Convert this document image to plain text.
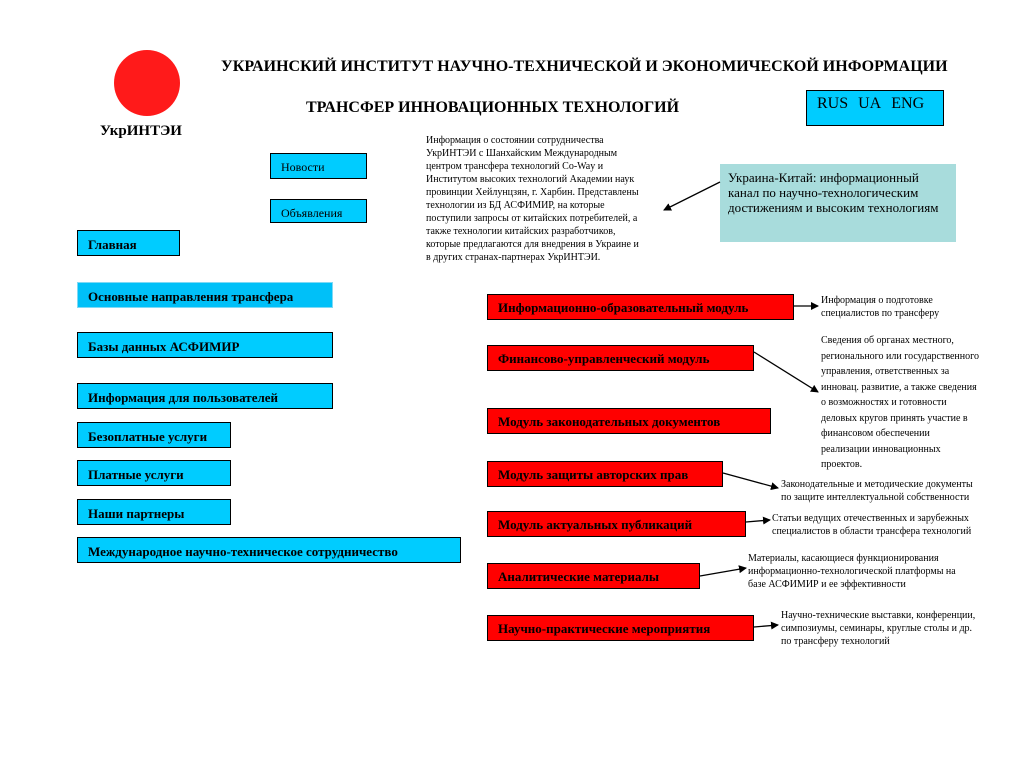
УкрИНТЭИ
УКРАИНСКИЙ ИНСТИТУТ НАУЧНО-ТЕХНИЧЕСКОЙ И ЭКОНОМИЧЕСКОЙ ИНФОРМАЦИИ
ТРАНСФЕР ИННОВАЦИОННЫХ ТЕХНОЛОГИЙ	RUS UA ENG
Новости
Объявления
Информация о состоянии сотрудничества
УкрИНТЭИ с Шанхайским Международным
центром трансфера технологий Co-Way и
Институтом высоких технологий Академии наук
провинции Хейлунцзян, г. Харбин. Представлены
технологии из БД АСФИМИР, на которые
поступили запросы от китайских потребителей, а
также технологии китайских разработчиков,
которые предлагаются для внедрения в Украине и
в других странах-партнерах УкрИНТЭИ.
Украина-Китай: информационный канал по научно-технологическим достижениям и высоким технологиям
Главная
Основные направления трансфера
Базы данных АСФИМИР
Информация для пользователей
Безоплатные услуги
Платные услуги
Наши партнеры
Международное научно-техническое сотрудничество
Информационно-образовательный модуль
Финансово-управленческий модуль
Модуль законодательных документов
Модуль защиты авторских прав
Модуль актуальных публикаций
Аналитические материалы
Научно-практические мероприятия
Информация о подготовке
специалистов по трансферу
Сведения об органах местного,
регионального или государственного
управления, ответственных за
инновац. развитие, а также сведения
о возможностях и готовности
деловых кругов принять участие в
финансовом обеспечении
реализации инновационных
проектов.
Законодательные и методические документы
по защите интеллектуальной собственности
Статьи ведущих отечественных и зарубежных
специалистов в области трансфера технологий
Материалы, касающиеся функционирования
информационно-технологической платформы на
базе АСФИМИР и ее эффективности
Научно-технические выставки, конференции,
симпозиумы, семинары, круглые столы и др.
по трансферу технологий
